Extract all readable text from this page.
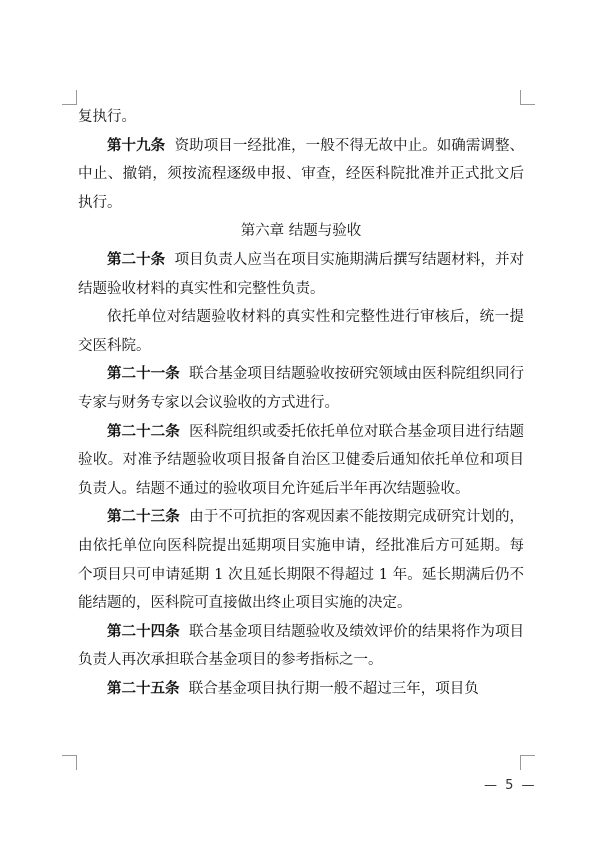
复执行。

第十九条 资助项目一经批准，一般不得无故中止。如确需调整、中止、撤销，须按流程逐级申报、审查，经医科院批准并正式批文后执行。

第六章 结题与验收

第二十条 项目负责人应当在项目实施期满后撰写结题材料，并对结题验收材料的真实性和完整性负责。

依托单位对结题验收材料的真实性和完整性进行审核后，统一提交医科院。

第二十一条 联合基金项目结题验收按研究领域由医科院组织同行专家与财务专家以会议验收的方式进行。

第二十二条 医科院组织或委托依托单位对联合基金项目进行结题验收。对准予结题验收项目报备自治区卫健委后通知依托单位和项目负责人。结题不通过的验收项目允许延后半年再次结题验收。

第二十三条 由于不可抗拒的客观因素不能按期完成研究计划的，由依托单位向医科院提出延期项目实施申请，经批准后方可延期。每个项目只可申请延期 1 次且延长期限不得超过 1 年。延长期满后仍不能结题的，医科院可直接做出终止项目实施的决定。

第二十四条 联合基金项目结题验收及绩效评价的结果将作为项目负责人再次承担联合基金项目的参考指标之一。

第二十五条 联合基金项目执行期一般不超过三年，项目负

— 5 —
